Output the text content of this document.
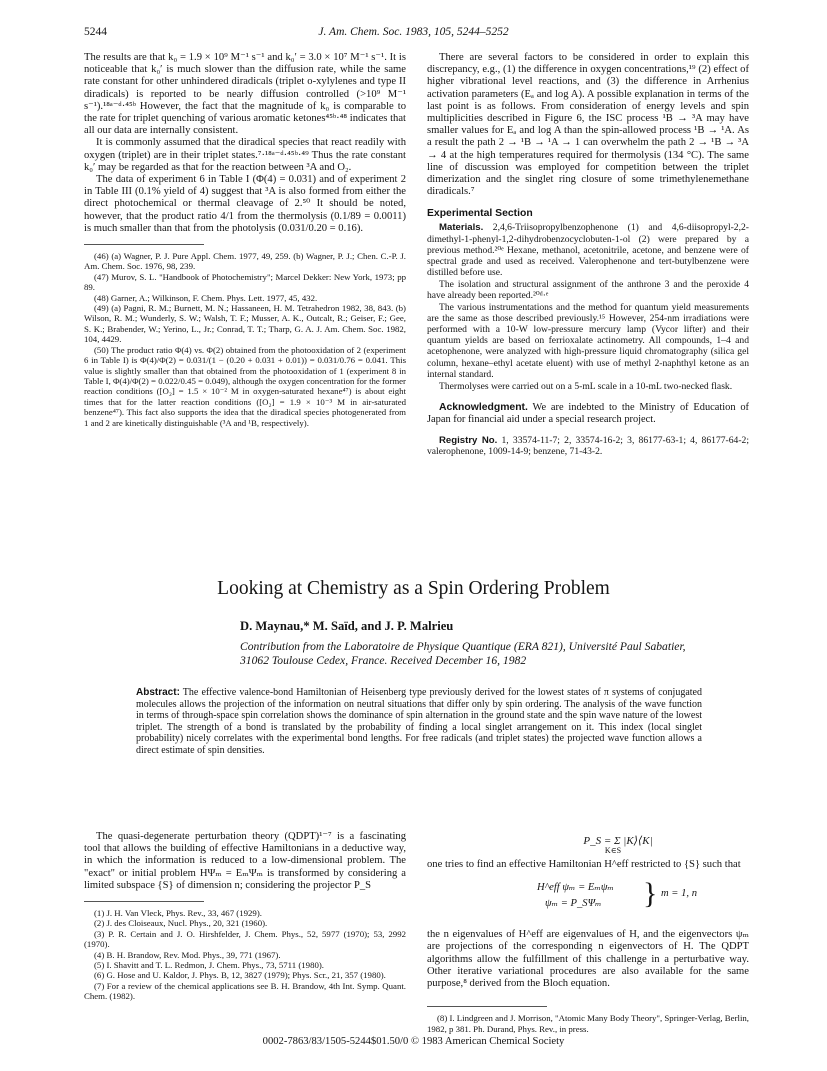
5244	J. Am. Chem. Soc. 1983, 105, 5244–5252

The results are that k₀ = 1.9 × 10⁹ M⁻¹ s⁻¹ and k₀′ = 3.0 × 10⁷ M⁻¹ s⁻¹. It is noticeable that k₀′ is much slower than the diffusion rate, while the same rate constant for other unhindered diradicals (triplet o-xylylenes and type II diradicals) is reported to be nearly diffusion controlled (>10⁹ M⁻¹ s⁻¹).¹⁸ᵃ⁻ᵈ·⁴⁵ᵇ However, the fact that the magnitude of k₀ is comparable to the rate for triplet quenching of various aromatic ketones⁴⁵ᵇ·⁴⁸ indicates that all our data are internally consistent.

It is commonly assumed that the diradical species that react readily with oxygen (triplet) are in their triplet states.⁷·¹⁸ᵃ⁻ᵈ·⁴⁵ᵇ·⁴⁹ Thus the rate constant k₀′ may be regarded as that for the reaction between ³A and O₂.

The data of experiment 6 in Table I (Φ(4) = 0.031) and of experiment 2 in Table III (0.1% yield of 4) suggest that ³A is also formed from either the direct photochemical or thermal cleavage of 2.⁵⁰ It should be noted, however, that the product ratio 4/1 from the thermolysis (0.1/89 = 0.0011) is much smaller than that from the photolysis (0.031/0.20 = 0.16).

(46) (a) Wagner, P. J. Pure Appl. Chem. 1977, 49, 259. (b) Wagner, P. J.; Chen. C.-P. J. Am. Chem. Soc. 1976, 98, 239.

(47) Murov, S. L. "Handbook of Photochemistry"; Marcel Dekker: New York, 1973; pp 89.

(48) Garner, A.; Wilkinson, F. Chem. Phys. Lett. 1977, 45, 432.

(49) (a) Pagni, R. M.; Burnett, M. N.; Hassaneen, H. M. Tetrahedron 1982, 38, 843. (b) Wilson, R. M.; Wunderly, S. W.; Walsh, T. F.; Musser, A. K., Outcalt, R.; Geiser, F.; Gee, S. K.; Brabender, W.; Yerino, L., Jr.; Conrad, T. T.; Tharp, G. A. J. Am. Chem. Soc. 1982, 104, 4429.

(50) The product ratio Φ(4) vs. Φ(2) obtained from the photooxidation of 2 (experiment 6 in Table I) is Φ(4)/Φ(2) = 0.031/(1 − (0.20 + 0.031 + 0.01)) = 0.031/0.76 = 0.041. This value is slightly smaller than that obtained from the photooxidation of 1 (experiment 8 in Table I, Φ(4)/Φ(2) = 0.022/0.45 = 0.049), although the oxygen concentration for the former reaction conditions ([O₂] = 1.5 × 10⁻² M in oxygen-saturated hexane⁴⁷) is about eight times that for the latter reaction conditions ([O₂] = 1.9 × 10⁻³ M in air-saturated benzene⁴⁷). This fact also supports the idea that the diradical species photogenerated from 1 and 2 are kinetically distinguishable (³A and ¹B, respectively).

There are several factors to be considered in order to explain this discrepancy, e.g., (1) the difference in oxygen concentrations,¹⁹ (2) effect of higher vibrational level reactions, and (3) the difference in Arrhenius activation parameters (Eₐ and log A). A possible explanation in terms of the last point is as follows. From consideration of energy levels and spin multiplicities described in Figure 6, the ISC process ¹B → ³A may have smaller values for Eₐ and log A than the spin-allowed process ¹B → ¹A. As a result the path 2 → ¹B → ¹A → 1 can overwhelm the path 2 → ¹B → ³A → 4 at the high temperatures required for thermolysis (134 °C). The same line of discussion was employed for competition between the triplet dimerization and the singlet ring closure of some trimethylenemethane diradicals.⁷

Experimental Section

Materials. 2,4,6-Triisopropylbenzophenone (1) and 4,6-diisopropyl-2,2-dimethyl-1-phenyl-1,2-dihydrobenzocyclobuten-1-ol (2) were prepared by a previous method.²⁰ᵉ Hexane, methanol, acetonitrile, acetone, and benzene were of spectral grade and used as received. Valerophenone and tert-butylbenzene were distilled before use.

The isolation and structural assignment of the anthrone 3 and the peroxide 4 have already been reported.²⁰ᵈ·ᵉ

The various instrumentations and the method for quantum yield measurements are the same as those described previously.¹⁵ However, 254-nm irradiations were performed with a 10-W low-pressure mercury lamp (Vycor lifter) and their quantum yields are based on ferrioxalate actinometry. All compounds, 1–4 and acetophenone, were analyzed with high-pressure liquid chromatography (silica gel column, hexane–ethyl acetate eluent) with use of methyl 2-naphthyl ketone as an internal standard.

Thermolyses were carried out on a 5-mL scale in a 10-mL two-necked flask.

Acknowledgment. We are indebted to the Ministry of Education of Japan for financial aid under a special research project.

Registry No. 1, 33574-11-7; 2, 33574-16-2; 3, 86177-63-1; 4, 86177-64-2; valerophenone, 1009-14-9; benzene, 71-43-2.

Looking at Chemistry as a Spin Ordering Problem
D. Maynau,* M. Saïd, and J. P. Malrieu
Contribution from the Laboratoire de Physique Quantique (ERA 821), Université Paul Sabatier,
31062 Toulouse Cedex, France. Received December 16, 1982

Abstract: The effective valence-bond Hamiltonian of Heisenberg type previously derived for the lowest states of π systems of conjugated molecules allows the projection of the information on neutral situations that differ only by spin ordering. The analysis of the wave function in terms of through-space spin correlation shows the dominance of spin alternation in the ground state and the spin wave nature of the lowest triplet. The strength of a bond is translated by the probability of finding a local singlet arrangement on it. This index (local singlet probability) nicely correlates with the experimental bond lengths. For free radicals (and triplet states) the projected wave function allows a direct estimate of spin densities.

The quasi-degenerate perturbation theory (QDPT)¹⁻⁷ is a fascinating tool that allows the building of effective Hamiltonians in a deductive way, in which the information is reduced to a low-dimensional problem. The "exact" or initial problem HΨₘ = EₘΨₘ is transformed by considering a limited subspace {S} of dimension n; considering the projector P_S

(1) J. H. Van Vleck, Phys. Rev., 33, 467 (1929).

(2) J. des Cloiseaux, Nucl. Phys., 20, 321 (1960).

(3) P. R. Certain and J. O. Hirshfelder, J. Chem. Phys., 52, 5977 (1970); 53, 2992 (1970).

(4) B. H. Brandow, Rev. Mod. Phys., 39, 771 (1967).

(5) I. Shavitt and T. L. Redmon, J. Chem. Phys., 73, 5711 (1980).

(6) G. Hose and U. Kaldor, J. Phys. B, 12, 3827 (1979); Phys. Scr., 21, 357 (1980).

(7) For a review of the chemical applications see B. H. Brandow, 4th Int. Symp. Quant. Chem. (1982).

P_S = Σ |K⟩⟨K|
K∈S

one tries to find an effective Hamiltonian H^eff restricted to {S} such that

H^eff ψₘ = Eₘψₘ
ψₘ = P_SΨₘ } m = 1, n

the n eigenvalues of H^eff are eigenvalues of H, and the eigenvectors ψₘ are projections of the corresponding n eigenvectors of H. The QDPT algorithms allow the fulfillment of this challenge in a perturbative way. Other iterative variational procedures are also available for the same purpose,⁸ derived from the Bloch equation.

(8) I. Lindgreen and J. Morrison, "Atomic Many Body Theory", Springer-Verlag, Berlin, 1982, p 381. Ph. Durand, Phys. Rev., in press.

0002-7863/83/1505-5244$01.50/0 © 1983 American Chemical Society
